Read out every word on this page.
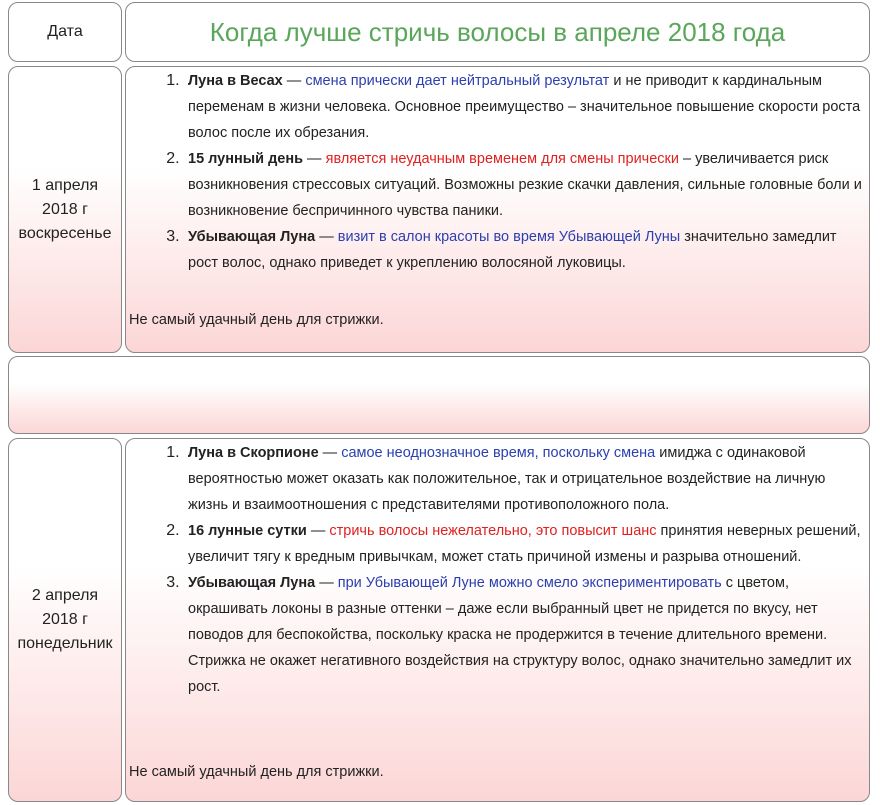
Дата	Когда лучше стричь волосы в апреле 2018 года
1 апреля
2018 г
воскресенье
1. Луна в Весах — смена прически дает нейтральный результат и не приводит к кардинальным переменам в жизни человека. Основное преимущество – значительное повышение скорости роста волос после их обрезания.
2. 15 лунный день — является неудачным временем для смены прически – увеличивается риск возникновения стрессовых ситуаций. Возможны резкие скачки давления, сильные головные боли и возникновение беспричинного чувства паники.
3. Убывающая Луна — визит в салон красоты во время Убывающей Луны значительно замедлит рост волос, однако приведет к укреплению волосяной луковицы.
Не самый удачный день для стрижки.
2 апреля
2018 г
понедельник
1. Луна в Скорпионе — самое неоднозначное время, поскольку смена имиджа с одинаковой вероятностью может оказать как положительное, так и отрицательное воздействие на личную жизнь и взаимоотношения с представителями противоположного пола.
2. 16 лунные сутки — стричь волосы нежелательно, это повысит шанс принятия неверных решений, увеличит тягу к вредным привычкам, может стать причиной измены и разрыва отношений.
3. Убывающая Луна — при Убывающей Луне можно смело экспериментировать с цветом, окрашивать локоны в разные оттенки – даже если выбранный цвет не придется по вкусу, нет поводов для беспокойства, поскольку краска не продержится в течение длительного времени. Стрижка не окажет негативного воздействия на структуру волос, однако значительно замедлит их рост.
Не самый удачный день для стрижки.
